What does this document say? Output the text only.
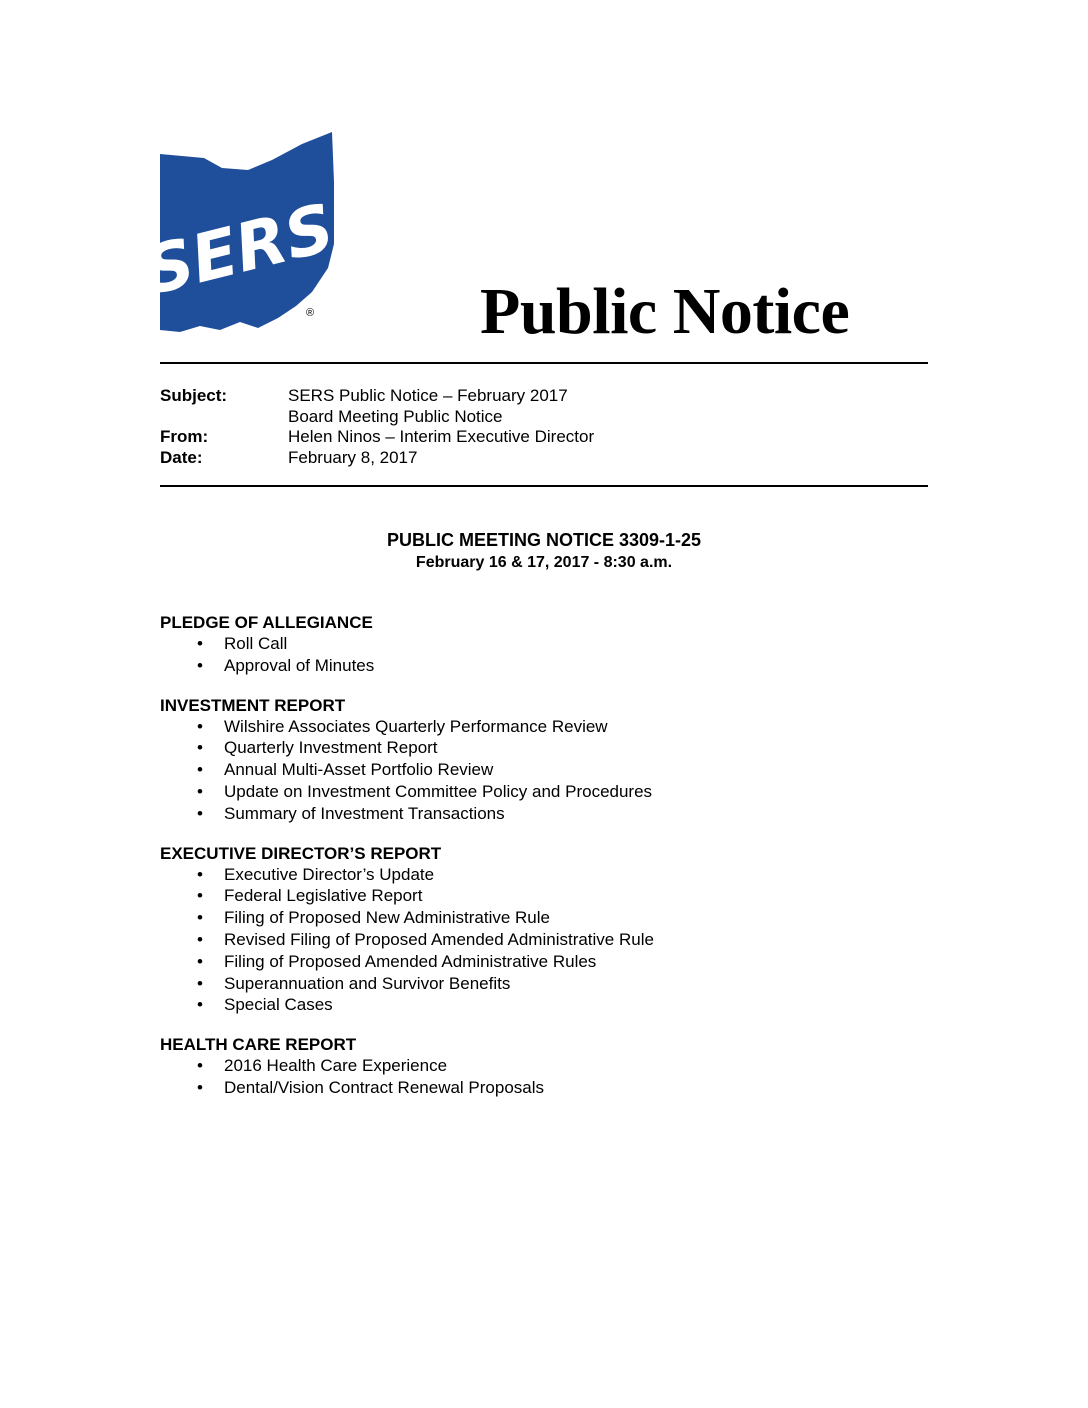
SERS
®	Public Notice
Subject:	SERS Public Notice – February 2017
Board Meeting Public Notice
From:	Helen Ninos – Interim Executive Director
Date:	February 8, 2017
PUBLIC MEETING NOTICE 3309-1-25
February 16 & 17, 2017 - 8:30 a.m.
PLEDGE OF ALLEGIANCE
• Roll Call
• Approval of Minutes
INVESTMENT REPORT
• Wilshire Associates Quarterly Performance Review
• Quarterly Investment Report
• Annual Multi-Asset Portfolio Review
• Update on Investment Committee Policy and Procedures
• Summary of Investment Transactions
EXECUTIVE DIRECTOR’S REPORT
• Executive Director’s Update
• Federal Legislative Report
• Filing of Proposed New Administrative Rule
• Revised Filing of Proposed Amended Administrative Rule
• Filing of Proposed Amended Administrative Rules
• Superannuation and Survivor Benefits
• Special Cases
HEALTH CARE REPORT
• 2016 Health Care Experience
• Dental/Vision Contract Renewal Proposals
